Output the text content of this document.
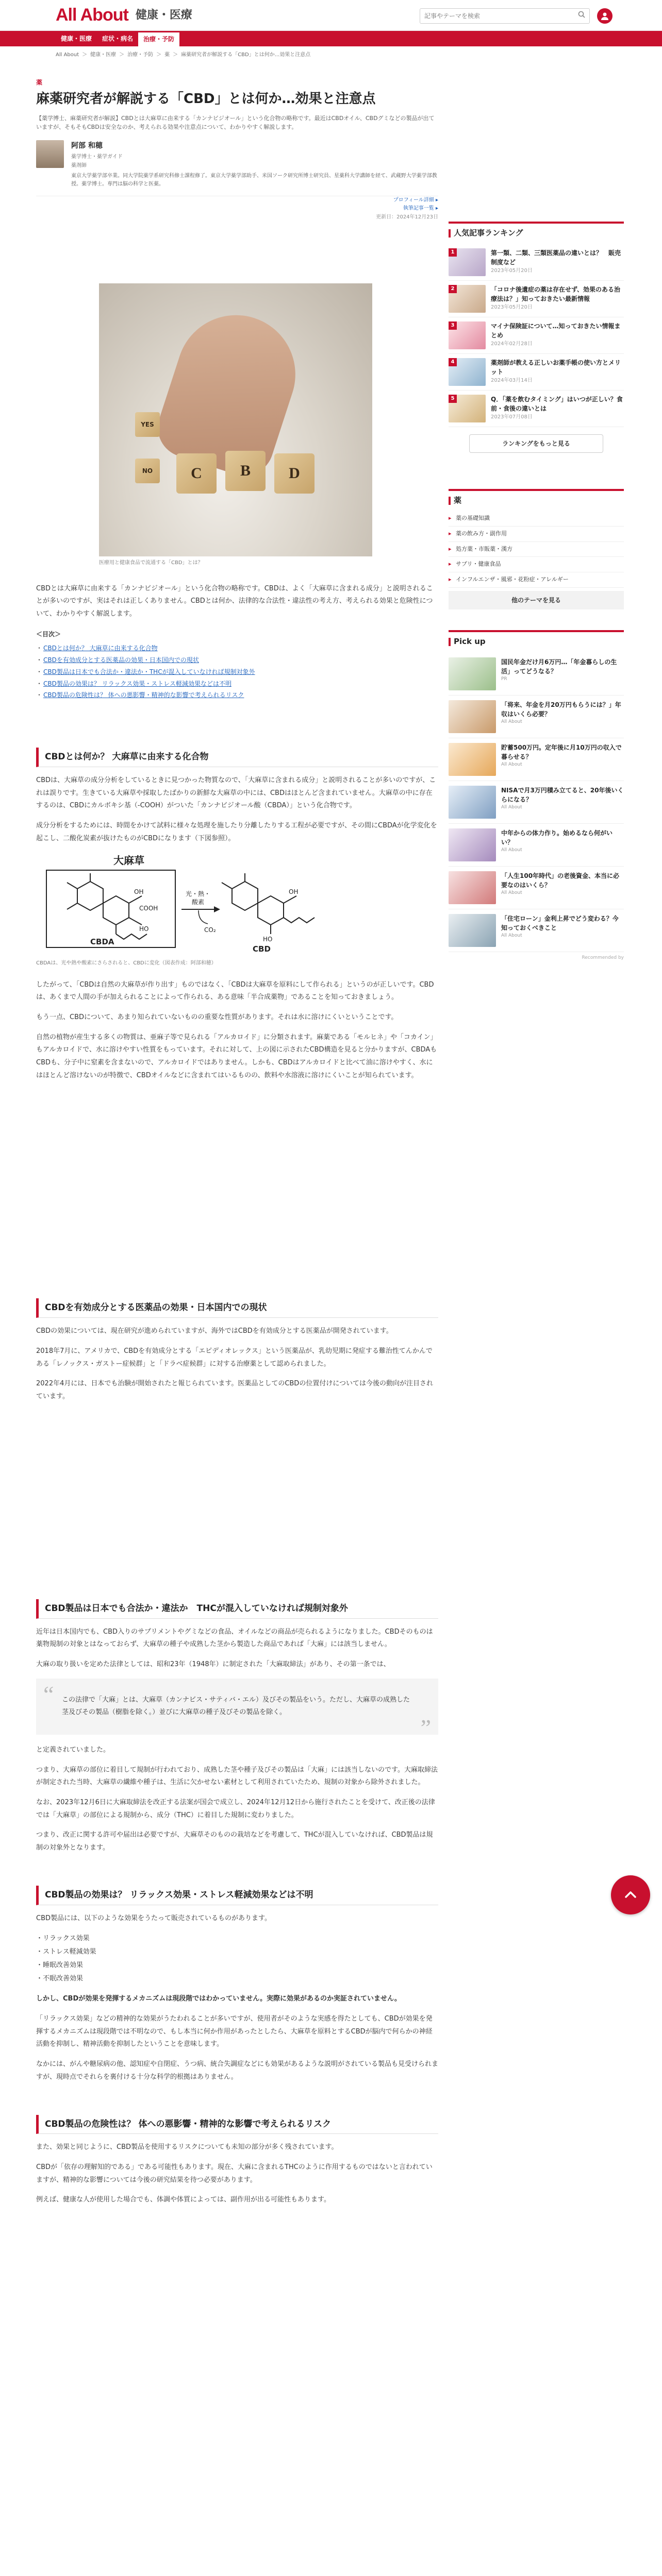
All About 健康・医療
記事やテーマを検索
健康・医療	症状・病名	治療・予防
All About ＞ 健康・医療 ＞ 治療・予防 ＞ 薬 ＞ 麻薬研究者が解説する「CBD」とは何か...効果と注意点
薬
麻薬研究者が解説する「CBD」とは何か…効果と注意点

【薬学博士、麻薬研究者が解説】CBDとは大麻草に由来する「カンナビジオール」という化合物の略称です。最近はCBDオイル、CBDグミなどの製品が出ていますが、そもそもCBDは安全なのか、考えられる効果や注意点について、わかりやすく解説します。

阿部 和穂
薬学博士・薬学ガイド
薬剤師
東京大学薬学部卒業。同大学院薬学系研究科修士課程修了。東京大学薬学部助手、米国ソーク研究所博士研究員、星薬科大学講師を経て、武蔵野大学薬学部教授。薬学博士。専門は脳の科学と医薬。
プロフィール詳細 ▸
執筆記事一覧 ▸
更新日：2024年12月23日
YES
NO	C	B	D
医療用と健康食品で流通する「CBD」とは？

CBDとは大麻草に由来する「カンナビジオール」という化合物の略称です。CBDは、よく「大麻草に含まれる成分」と説明されることが多いのですが、実はそれは正しくありません。CBDとは何か、法律的な合法性・違法性の考え方、考えられる効果と危険性について、わかりやすく解説します。

＜目次＞
・ CBDとは何か？ 大麻草に由来する化合物
・ CBDを有効成分とする医薬品の効果・日本国内での現状
・ CBD製品は日本でも合法か・違法か・THCが混入していなければ規制対象外
・ CBD製品の効果は？ リラックス効果・ストレス軽減効果などは不明
・ CBD製品の危険性は？ 体への悪影響・精神的な影響で考えられるリスク
CBDとは何か？ 大麻草に由来する化合物

CBDは、大麻草の成分分析をしているときに見つかった物質なので、「大麻草に含まれる成分」と説明されることが多いのですが、これは誤りです。生きている大麻草や採取したばかりの新鮮な大麻草の中には、CBDはほとんど含まれていません。大麻草の中に存在するのは、CBDにカルボキシ基（-COOH）がついた「カンナビジオール酸（CBDA）」という化合物です。

成分分析をするためには、時間をかけて試料に様々な処理を施したり分離したりする工程が必要ですが、その間にCBDAが化学変化を起こし、二酸化炭素が抜けたものがCBDになります（下図参照）。

大麻草
OH
COOH
HO
CBDA
光・熱・
酸素
CO₂
OH
HO
CBD
CBDAは、光や熱や酸素にさらされると、CBDに変化（図表作成：阿部和穂）

したがって、「CBDは自然の大麻草が作り出す」ものではなく、「CBDは大麻草を原料にして作られる」というのが正しいです。CBDは、あくまで人間の手が加えられることによって作られる、ある意味「半合成薬物」であることを知っておきましょう。

もう一点、CBDについて、あまり知られていないものの重要な性質があります。それは水に溶けにくいということです。

自然の植物が産生する多くの物質は、亜麻子等で見られる「アルカロイド」に分類されます。麻薬である「モルヒネ」や「コカイン」もアルカロイドで、水に溶けやすい性質をもっています。それに対して、上の図に示されたCBD構造を見ると分かりますが、CBDAもCBDも、分子中に窒素を含まないので、アルカロイドではありません。しかも、CBDはアルカロイドと比べて油に溶けやすく、水にはほとんど溶けないのが特徴で、CBDオイルなどに含まれてはいるものの、飲料や水溶液に溶けにくいことが知られています。

CBDを有効成分とする医薬品の効果・日本国内での現状

CBDの効果については、現在研究が進められていますが、海外ではCBDを有効成分とする医薬品が開発されています。

2018年7月に、アメリカで、CBDを有効成分とする「エピディオレックス」という医薬品が、乳幼児期に発症する難治性てんかんである「レノックス・ガストー症候群」と「ドラベ症候群」に対する治療薬として認められました。

2022年4月には、日本でも治験が開始されたと報じられています。医薬品としてのCBDの位置付けについては今後の動向が注目されています。

CBD製品は日本でも合法か・違法か　THCが混入していなければ規制対象外

近年は日本国内でも、CBD入りのサプリメントやグミなどの食品、オイルなどの商品が売られるようになりました。CBDそのものは薬物規制の対象とはなっておらず、大麻草の種子や成熟した茎から製造した商品であれば「大麻」には該当しません。

大麻の取り扱いを定めた法律としては、昭和23年（1948年）に制定された「大麻取締法」があり、その第一条では、

“ この法律で「大麻」とは、大麻草（カンナビス・サティバ・エル）及びその製品をいう。ただし、大麻草の成熟した茎及びその製品（樹脂を除く。）並びに大麻草の種子及びその製品を除く。
”

と定義されていました。

つまり、大麻草の部位に着目して規制が行われており、成熟した茎や種子及びその製品は「大麻」には該当しないのです。大麻取締法が制定された当時、大麻草の繊維や種子は、生活に欠かせない素材として利用されていたため、規制の対象から除外されました。

なお、2023年12月6日に大麻取締法を改正する法案が国会で成立し、2024年12月12日から施行されたことを受けて、改正後の法律では「大麻草」の部位による規制から、成分（THC）に着目した規制に変わりました。

つまり、改正に関する許可や届出は必要ですが、大麻草そのものの栽培などを考慮して、THCが混入していなければ、CBD製品は規制の対象外となります。

CBD製品の効果は？ リラックス効果・ストレス軽減効果などは不明

CBD製品には、以下のような効果をうたって販売されているものがあります。

・ リラックス効果
・ ストレス軽減効果
・ 睡眠改善効果
・ 不眠改善効果

しかし、CBDが効果を発揮するメカニズムは現段階ではわかっていません。実際に効果があるのか実証されていません。

「リラックス効果」などの精神的な効果がうたわれることが多いですが、使用者がそのような実感を得たとしても、CBDが効果を発揮するメカニズムは現段階では不明なので、もし本当に何か作用があったとしたら、大麻草を原料とするCBDが脳内で何らかの神経活動を抑制し、精神活動を抑制したということを意味します。

なかには、がんや糖尿病の他、認知症や自閉症、うつ病、統合失調症などにも効果があるような説明がされている製品も見受けられますが、現時点でそれらを裏付ける十分な科学的根拠はありません。

CBD製品の危険性は？ 体への悪影響・精神的な影響で考えられるリスク

また、効果と同じように、CBD製品を使用するリスクについても未知の部分が多く残されています。

CBDが「依存の理解知的である」である可能性もあります。現在、大麻に含まれるTHCのように作用するものではないと言われていますが、精神的な影響については今後の研究結果を待つ必要があります。

例えば、健康な人が使用した場合でも、体調や体質によっては、副作用が出る可能性もあります。

人気記事ランキング
1	第一類、二類、三類医薬品の違いとは？　販売制度など
2023年05月20日
2	「コロナ後遺症の薬は存在せず、効果のある治療法は？」知っておきたい最新情報
2023年05月20日
3	マイナ保険証について…知っておきたい情報まとめ
2024年02月28日
4	薬剤師が教える正しいお薬手帳の使い方とメリット
2024年03月14日
5	Q．「薬を飲むタイミング」はいつが正しい？食前・食後の違いとは
2023年07月08日
ランキングをもっと見る
薬
▸ 薬の基礎知識
▸ 薬の飲み方・副作用
▸ 処方薬・市販薬・漢方
▸ サプリ・健康食品
▸ インフルエンザ・風邪・花粉症・アレルギー
他のテーマを見る
Pick up
国民年金だけ月6万円…「年金暮らしの生活」ってどうなる？
PR
「将来、年金を月20万円もらうには？」年収はいくら必要？
All About
貯蓄500万円。定年後に月10万円の収入で暮らせる？
All About
NISAで月3万円積み立てると、20年後いくらになる？
All About
中年からの体力作り。始めるなら何がいい？
All About
「人生100年時代」の老後資金、本当に必要なのはいくら？
All About
「住宅ローン」金利上昇でどう変わる？今知っておくべきこと
All About
Recommended by
